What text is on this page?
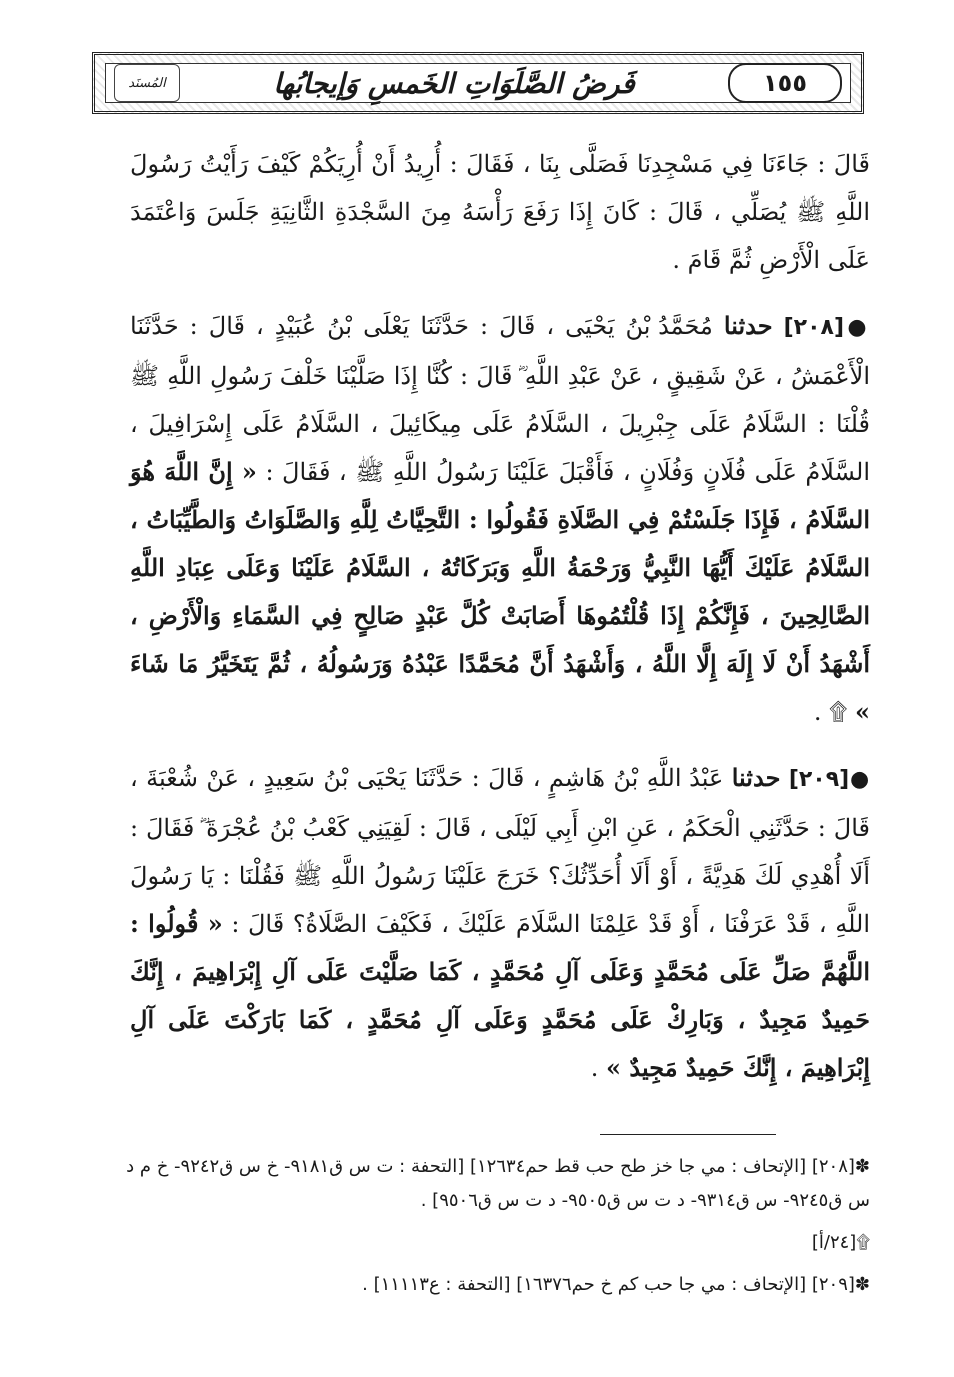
المُسنَد	فَرضُ الصَّلَوَاتِ الخَمسِ وَإيجابُها	١٥٥

قَالَ : جَاءَنَا فِي مَسْجِدِنَا فَصَلَّى بِنَا ، فَقَالَ : أُرِيدُ أَنْ أُرِيَكُمْ كَيْفَ رَأَيْتُ رَسُولَ اللَّهِ ﷺ يُصَلِّي ، قَالَ : كَانَ إِذَا رَفَعَ رَأْسَهُ مِنَ السَّجْدَةِ الثَّانِيَةِ جَلَسَ وَاعْتَمَدَ عَلَى الْأَرْضِ ثُمَّ قَامَ .

●[٢٠٨] حدثنا مُحَمَّدُ بْنُ يَحْيَى ، قَالَ : حَدَّثَنَا يَعْلَى بْنُ عُبَيْدٍ ، قَالَ : حَدَّثَنَا الْأَعْمَشُ ، عَنْ شَقِيقٍ ، عَنْ عَبْدِ اللَّهِ ؓ قَالَ : كُنَّا إِذَا صَلَّيْنَا خَلْفَ رَسُولِ اللَّهِ ﷺ قُلْنَا : السَّلَامُ عَلَى جِبْرِيلَ ، السَّلَامُ عَلَى مِيكَائِيلَ ، السَّلَامُ عَلَى إِسْرَافِيلَ ، السَّلَامُ عَلَى فُلَانٍ وَفُلَانٍ ، فَأَقْبَلَ عَلَيْنَا رَسُولُ اللَّهِ ﷺ ، فَقَالَ : « إِنَّ اللَّهَ هُوَ السَّلَامُ ، فَإِذَا جَلَسْتُمْ فِي الصَّلَاةِ فَقُولُوا : التَّحِيَّاتُ لِلَّهِ وَالصَّلَوَاتُ وَالطَّيِّبَاتُ ، السَّلَامُ عَلَيْكَ أَيُّهَا النَّبِيُّ وَرَحْمَةُ اللَّهِ وَبَرَكَاتُهُ ، السَّلَامُ عَلَيْنَا وَعَلَى عِبَادِ اللَّهِ الصَّالِحِينَ ، فَإِنَّكُمْ إِذَا قُلْتُمُوهَا أَصَابَتْ كُلَّ عَبْدٍ صَالِحٍ فِي السَّمَاءِ وَالْأَرْضِ ، أَشْهَدُ أَنْ لَا إِلَهَ إِلَّا اللَّهُ ، وَأَشْهَدُ أَنَّ مُحَمَّدًا عَبْدُهُ وَرَسُولُهُ ، ثُمَّ يَتَخَيَّرُ مَا شَاءَ » ۩ .

●[٢٠٩] حدثنا عَبْدُ اللَّهِ بْنُ هَاشِمٍ ، قَالَ : حَدَّثَنَا يَحْيَى بْنُ سَعِيدٍ ، عَنْ شُعْبَةَ ، قَالَ : حَدَّثَنِي الْحَكَمُ ، عَنِ ابْنِ أَبِي لَيْلَى ، قَالَ : لَقِيَنِي كَعْبُ بْنُ عُجْرَةَ ؓ فَقَالَ : أَلَا أُهْدِي لَكَ هَدِيَّةً ، أَوْ أَلَا أُحَدِّثُكَ؟ خَرَجَ عَلَيْنَا رَسُولُ اللَّهِ ﷺ فَقُلْنَا : يَا رَسُولَ اللَّهِ ، قَدْ عَرَفْنَا ، أَوْ قَدْ عَلِمْنَا السَّلَامَ عَلَيْكَ ، فَكَيْفَ الصَّلَاةُ؟ قَالَ : « قُولُوا : اللَّهُمَّ صَلِّ عَلَى مُحَمَّدٍ وَعَلَى آلِ مُحَمَّدٍ ، كَمَا صَلَّيْتَ عَلَى آلِ إِبْرَاهِيمَ ، إِنَّكَ حَمِيدٌ مَجِيدٌ ، وَبَارِكْ عَلَى مُحَمَّدٍ وَعَلَى آلِ مُحَمَّدٍ ، كَمَا بَارَكْتَ عَلَى آلِ إِبْرَاهِيمَ ، إِنَّكَ حَمِيدٌ مَجِيدٌ » .

✽[٢٠٨] [الإتحاف : مي جا خز طح حب قط حم١٢٦٣٤] [التحفة : ت س ق٩١٨١- خ س ق٩٢٤٢- خ م د س ق٩٢٤٥- س ق٩٣١٤- د ت س ق٩٥٠٥- د ت س ق٩٥٠٦] .

۩[٢٤/أ]

✽[٢٠٩] [الإتحاف : مي جا حب كم خ حم١٦٣٧٦] [التحفة : ع١١١١٣] .
